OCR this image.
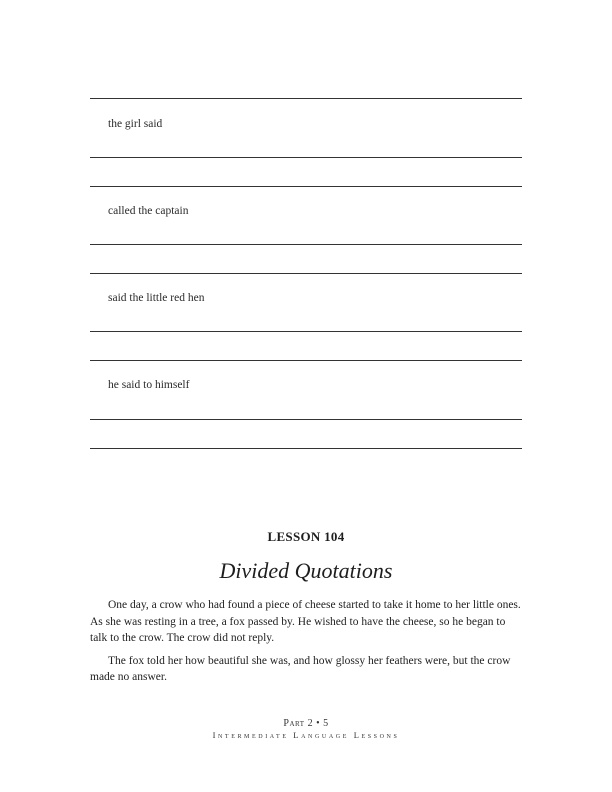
the girl said
called the captain
said the little red hen
he said to himself
LESSON 104
Divided Quotations

One day, a crow who had found a piece of cheese started to take it home to her little ones. As she was resting in a tree, a fox passed by. He wished to have the cheese, so he began to talk to the crow. The crow did not reply.

The fox told her how beautiful she was, and how glossy her feathers were, but the crow made no answer.

Part 2 • 5
Intermediate Language Lessons
